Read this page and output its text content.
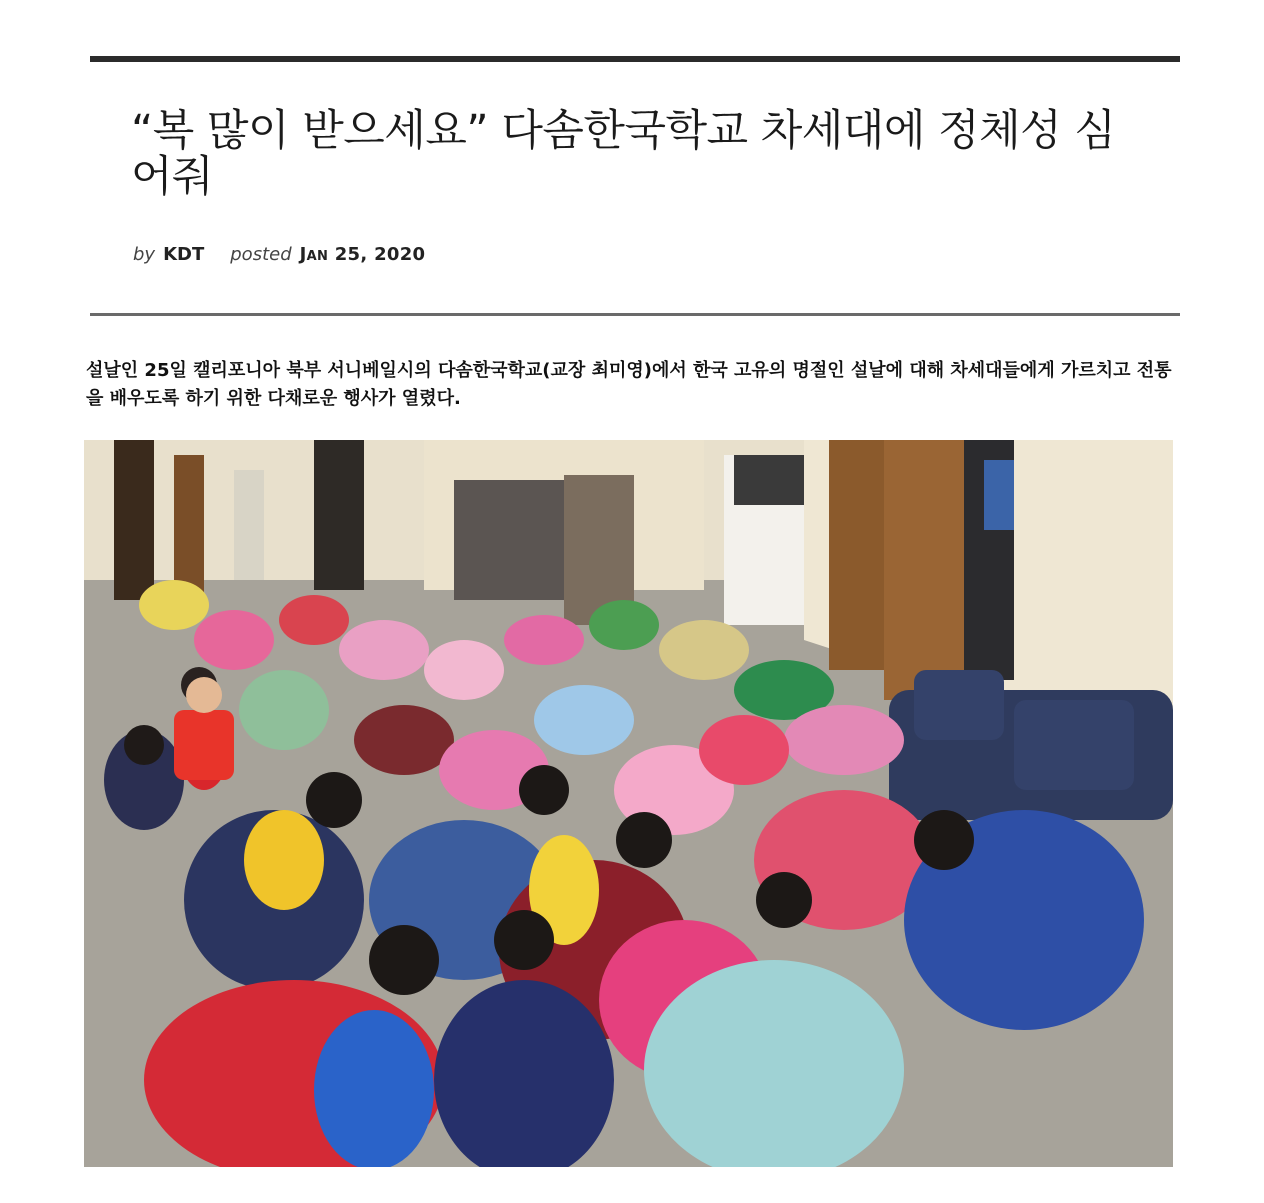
“복 많이 받으세요” 다솜한국학교 차세대에 정체성 심어줘
by KDT posted Jan 25, 2020

설날인 25일 캘리포니아 북부 서니베일시의 다솜한국학교(교장 최미영)에서 한국 고유의 명절인 설날에 대해 차세대들에게 가르치고 전통을 배우도록 하기 위한 다채로운 행사가 열렸다.
